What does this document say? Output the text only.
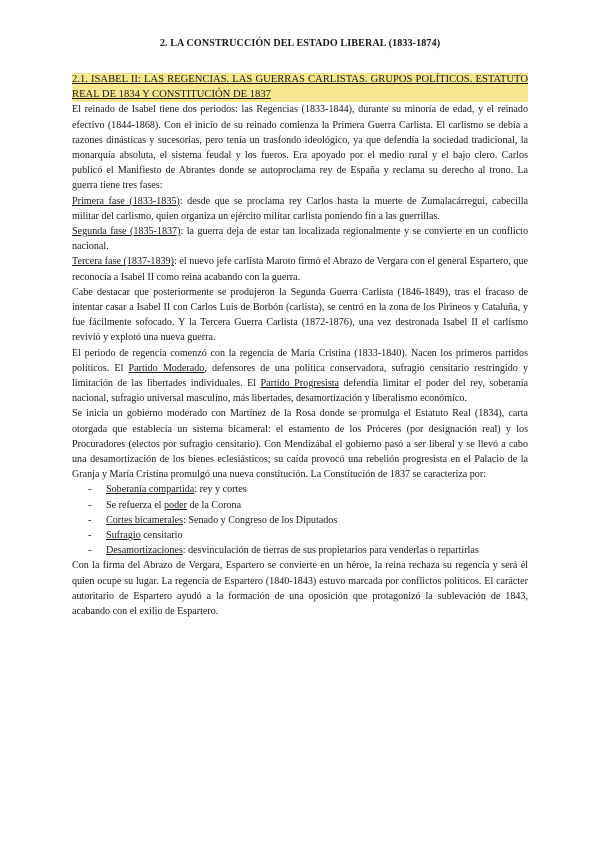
2. LA CONSTRUCCIÓN DEL ESTADO LIBERAL (1833-1874)
2.1. ISABEL II: LAS REGENCIAS. LAS GUERRAS CARLISTAS. GRUPOS POLÍTICOS. ESTATUTO REAL DE 1834 Y CONSTITUCIÓN DE 1837

El reinado de Isabel tiene dos periodos: las Regencias (1833-1844), durante su minoría de edad, y el reinado efectivo (1844-1868). Con el inicio de su reinado comienza la Primera Guerra Carlista. El carlismo se debía a razones dinásticas y sucesorias, pero tenía un trasfondo ideológico, ya que defendía la sociedad tradicional, la monarquía absoluta, el sistema feudal y los fueros. Era apoyado por el medio rural y el bajo clero. Carlos publicó el Manifiesto de Abrantes donde se autoproclama rey de España y reclama su derecho al trono. La guerra tiene tres fases:

Primera fase (1833-1835): desde que se proclama rey Carlos hasta la muerte de Zumalacárregui, cabecilla militar del carlismo, quien organiza un ejército militar carlista poniendo fin a las guerrillas.

Segunda fase (1835-1837): la guerra deja de estar tan localizada regionalmente y se convierte en un conflicto nacional.

Tercera fase (1837-1839): el nuevo jefe carlista Maroto firmó el Abrazo de Vergara con el general Espartero, que reconocía a Isabel II como reina acabando con la guerra.

Cabe destacar que posteriormente se produjeron la Segunda Guerra Carlista (1846-1849), tras el fracaso de intentar casar a Isabel II con Carlos Luis de Borbón (carlista), se centró en la zona de los Pirineos y Cataluña, y fue fácilmente sofocado. Y la Tercera Guerra Carlista (1872-1876), una vez destronada Isabel II el carlismo revivió y explotó una nueva guerra.

El periodo de regencia comenzó con la regencia de María Cristina (1833-1840). Nacen los primeros partidos políticos. El Partido Moderado, defensores de una política conservadora, sufragio censitario restringido y limitación de las libertades individuales. El Partido Progresista defendía limitar el poder del rey, soberanía nacional, sufragio universal masculino, más libertades, desamortización y liberalismo económico.

Se inicia un gobierno moderado con Martínez de la Rosa donde se promulga el Estatuto Real (1834), carta otorgada que establecía un sistema bicameral: el estamento de los Próceres (por designación real) y los Procuradores (electos por sufragio censitario). Con Mendizábal el gobierno pasó a ser liberal y se llevó a cabo una desamortización de los bienes eclesiásticos; su caída provocó una rebelión progresista en el Palacio de la Granja y María Cristina promulgó una nueva constitución. La Constitución de 1837 se caracteriza por:

- Soberanía compartida: rey y cortes
- Se refuerza el poder de la Corona
- Cortes bicamerales: Senado y Congreso de los Diputados
- Sufragio censitario
- Desamortizaciones: desvinculación de tierras de sus propietarios para venderlas o repartirlas

Con la firma del Abrazo de Vergara, Espartero se convierte en un héroe, la reina rechaza su regencia y será él quien ocupe su lugar. La regencia de Espartero (1840-1843) estuvo marcada por conflictos políticos. El carácter autoritario de Espartero ayudó a la formación de una oposición que protagonizó la sublevación de 1843, acabando con el exilio de Espartero.
